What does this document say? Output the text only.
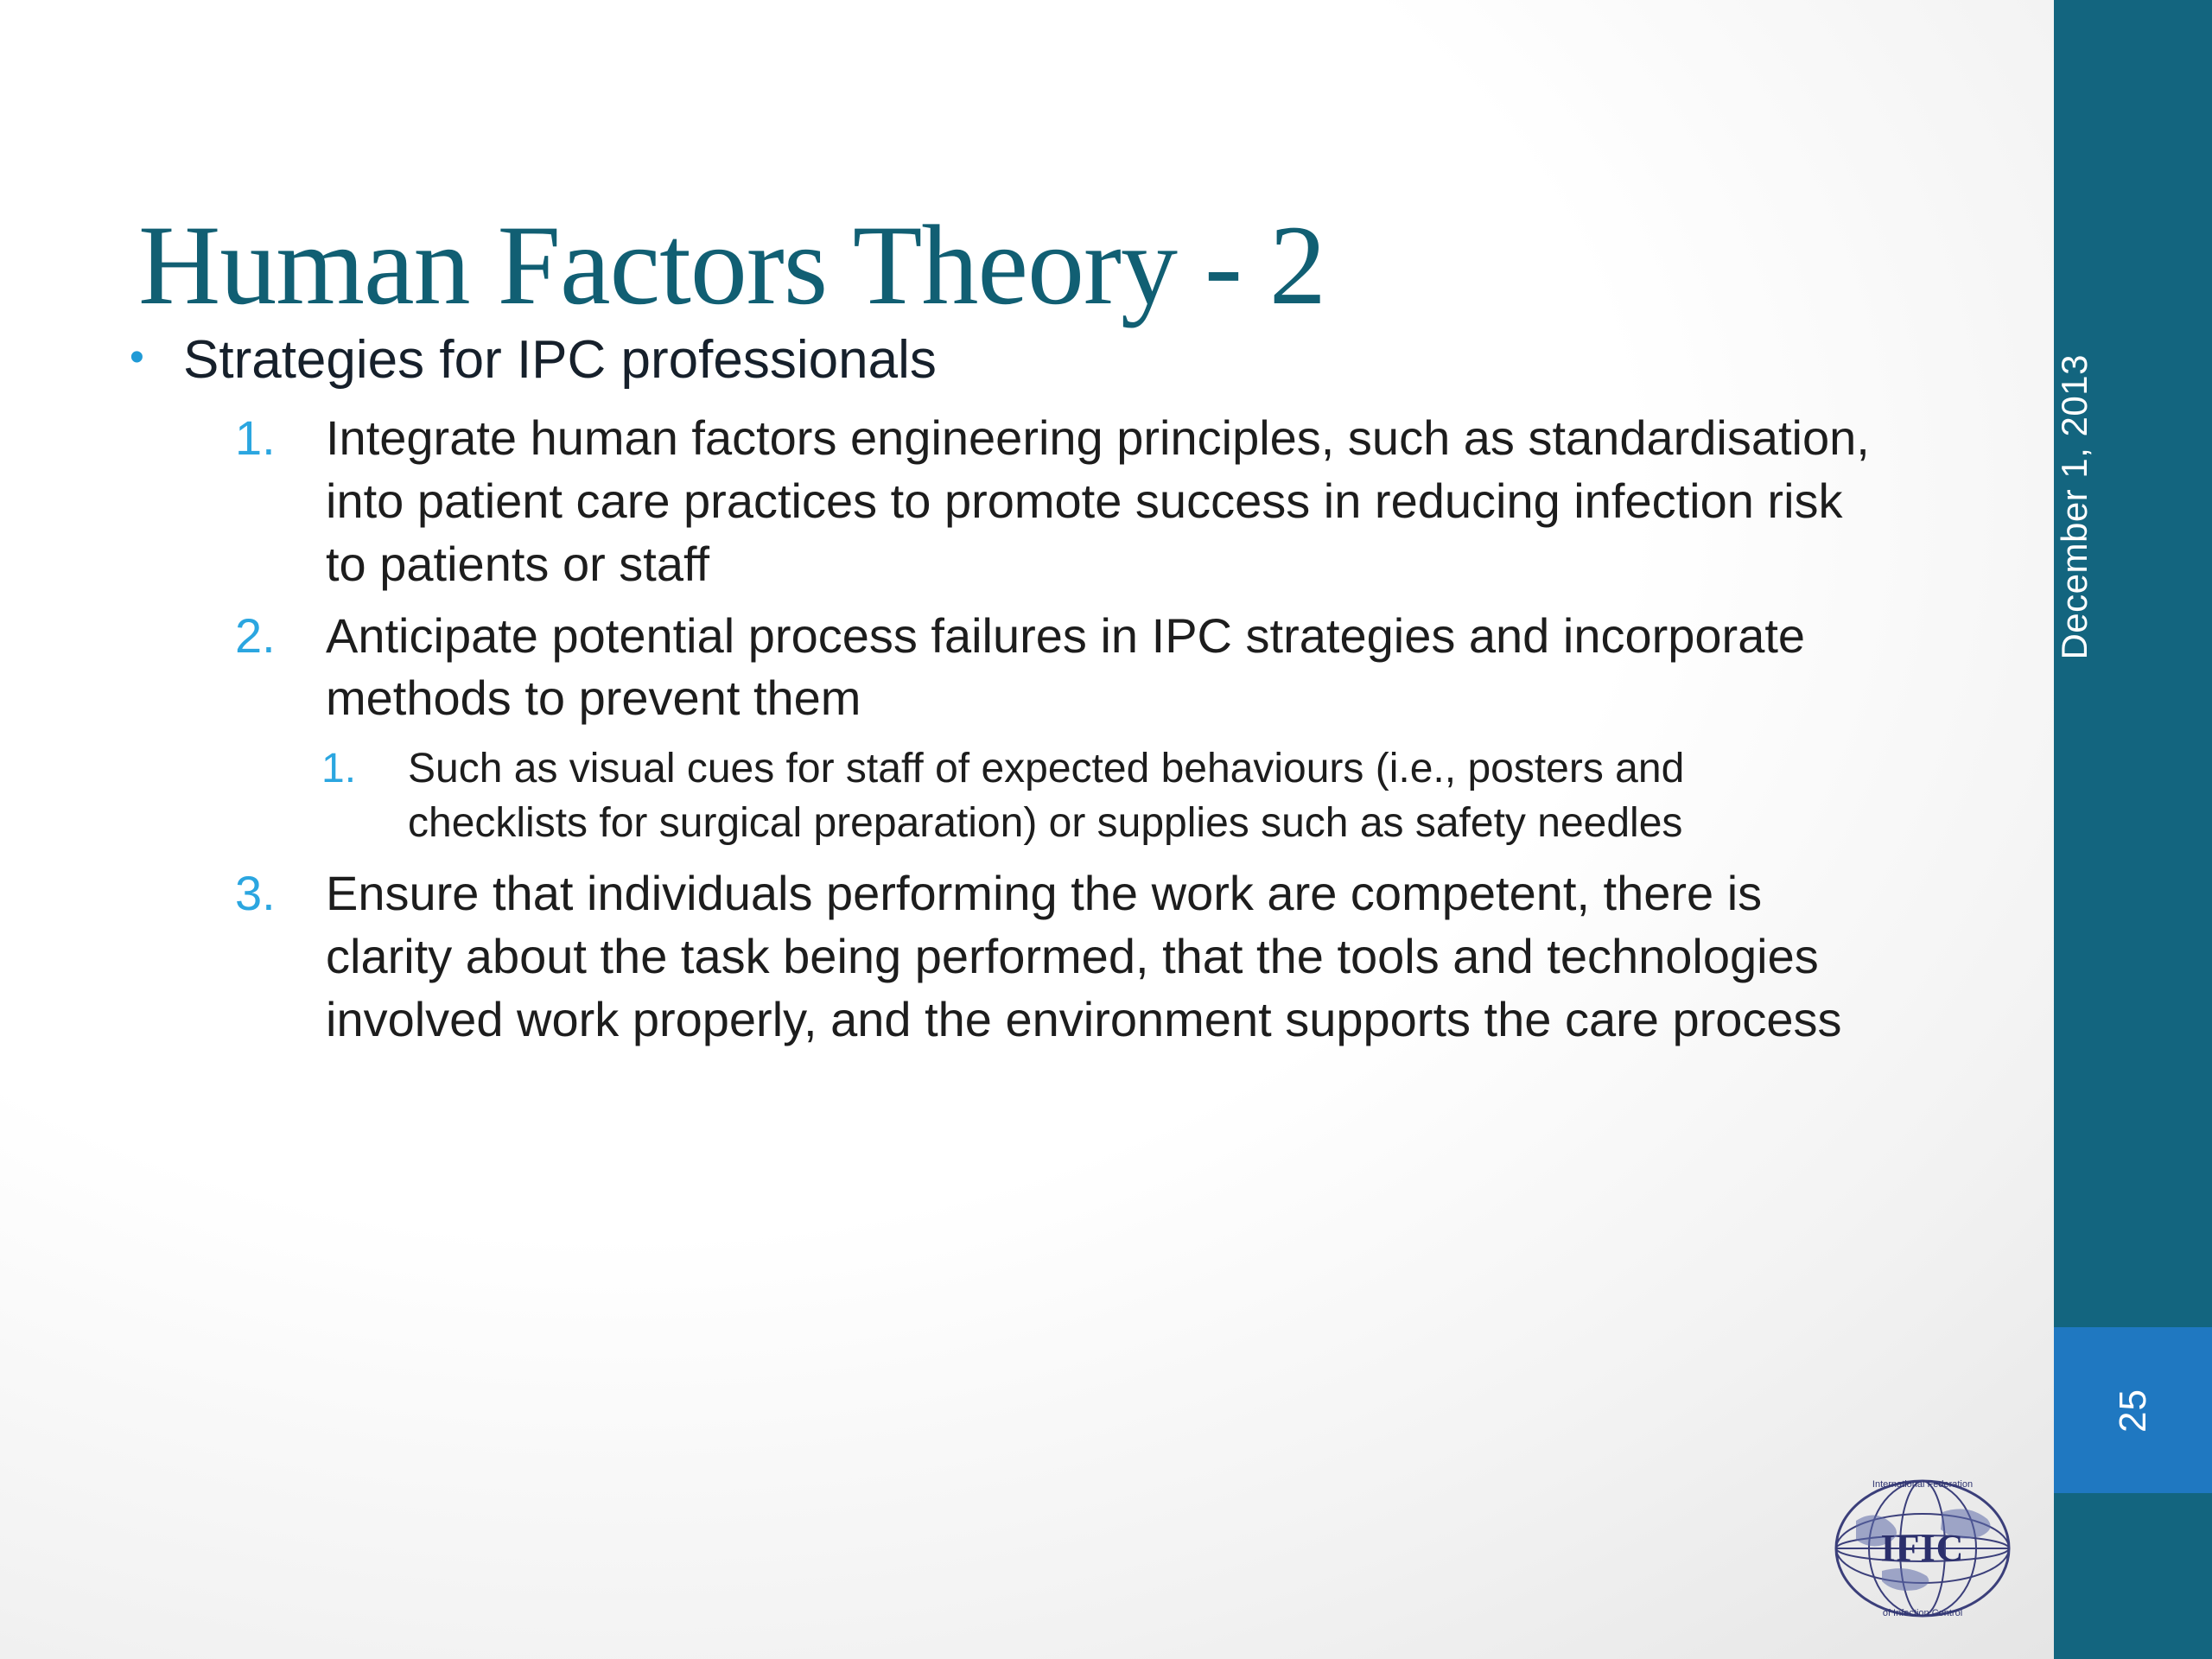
December 1, 2013
25
Human Factors Theory - 2
• Strategies for IPC professionals
1.	Integrate human factors engineering principles, such as standardisation, into patient care practices to promote success in reducing infection risk to patients or staff
2.	Anticipate potential process failures in IPC strategies and incorporate methods to prevent them
1.	Such as visual cues for staff of expected behaviours (i.e., posters and checklists for surgical preparation) or supplies such as safety needles
3.	Ensure that individuals performing the work are competent, there is clarity about the task being performed, that the tools and technologies involved work properly, and the environment supports the care process
International Federation
IFIC
of Infection Control
